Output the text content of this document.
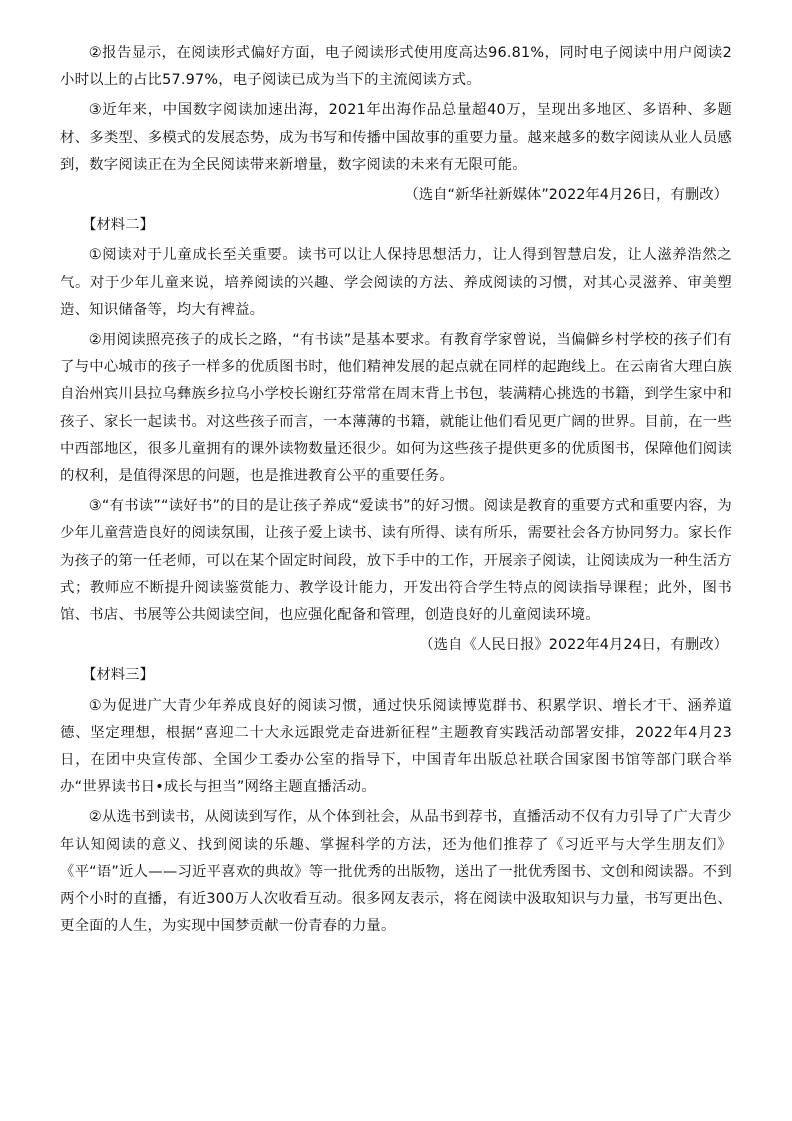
②报告显示，在阅读形式偏好方面，电子阅读形式使用度高达96.81%，同时电子阅读中用户阅读2小时以上的占比57.97%，电子阅读已成为当下的主流阅读方式。

③近年来，中国数字阅读加速出海，2021年出海作品总量超40万，呈现出多地区、多语种、多题材、多类型、多模式的发展态势，成为书写和传播中国故事的重要力量。越来越多的数字阅读从业人员感到，数字阅读正在为全民阅读带来新增量，数字阅读的未来有无限可能。

（选自“新华社新媒体”2022年4月26日，有删改）

【材料二】

①阅读对于儿童成长至关重要。读书可以让人保持思想活力，让人得到智慧启发，让人滋养浩然之气。对于少年儿童来说，培养阅读的兴趣、学会阅读的方法、养成阅读的习惯，对其心灵滋养、审美塑造、知识储备等，均大有裨益。

②用阅读照亮孩子的成长之路，“有书读”是基本要求。有教育学家曾说，当偏僻乡村学校的孩子们有了与中心城市的孩子一样多的优质图书时，他们精神发展的起点就在同样的起跑线上。在云南省大理白族自治州宾川县拉乌彝族乡拉乌小学校长谢红芬常常在周末背上书包，装满精心挑选的书籍，到学生家中和孩子、家长一起读书。对这些孩子而言，一本薄薄的书籍，就能让他们看见更广阔的世界。目前，在一些中西部地区，很多儿童拥有的课外读物数量还很少。如何为这些孩子提供更多的优质图书，保障他们阅读的权利，是值得深思的问题，也是推进教育公平的重要任务。

③“有书读”“读好书”的目的是让孩子养成“爱读书”的好习惯。阅读是教育的重要方式和重要内容，为少年儿童营造良好的阅读氛围，让孩子爱上读书、读有所得、读有所乐，需要社会各方协同努力。家长作为孩子的第一任老师，可以在某个固定时间段，放下手中的工作，开展亲子阅读，让阅读成为一种生活方式；教师应不断提升阅读鉴赏能力、教学设计能力，开发出符合学生特点的阅读指导课程；此外，图书馆、书店、书展等公共阅读空间，也应强化配备和管理，创造良好的儿童阅读环境。

（选自《人民日报》2022年4月24日，有删改）

【材料三】

①为促进广大青少年养成良好的阅读习惯，通过快乐阅读博览群书、积累学识、增长才干、涵养道德、坚定理想，根据“喜迎二十大永远跟党走奋进新征程”主题教育实践活动部署安排，2022年4月23日，在团中央宣传部、全国少工委办公室的指导下，中国青年出版总社联合国家图书馆等部门联合举办“世界读书日•成长与担当”网络主题直播活动。

②从选书到读书，从阅读到写作，从个体到社会，从品书到荐书，直播活动不仅有力引导了广大青少年认知阅读的意义、找到阅读的乐趣、掌握科学的方法，还为他们推荐了《习近平与大学生朋友们》《平“语”近人——习近平喜欢的典故》等一批优秀的出版物，送出了一批优秀图书、文创和阅读器。不到两个小时的直播，有近300万人次收看互动。很多网友表示，将在阅读中汲取知识与力量，书写更出色、更全面的人生，为实现中国梦贡献一份青春的力量。
